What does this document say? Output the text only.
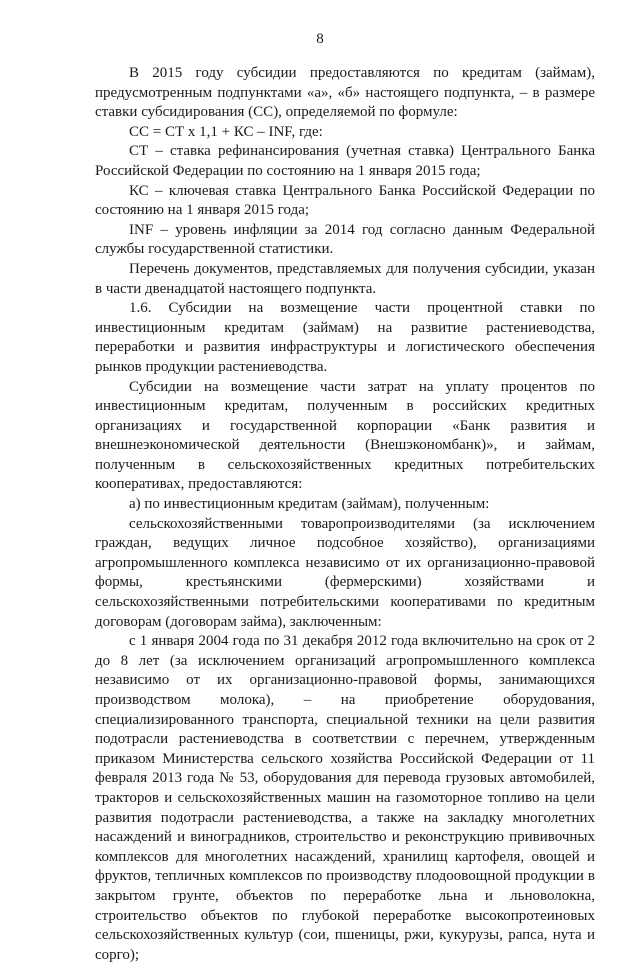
8

В 2015 году субсидии предоставляются по кредитам (займам), предусмотренным подпунктами «а», «б» настоящего подпункта, – в размере ставки субсидирования (СС), определяемой по формуле:

СС = СТ х 1,1 + КС – INF, где:

СТ – ставка рефинансирования (учетная ставка) Центрального Банка Российской Федерации по состоянию на 1 января 2015 года;

КС – ключевая ставка Центрального Банка Российской Федерации по состоянию на 1 января 2015 года;

INF – уровень инфляции за 2014 год согласно данным Федеральной службы государственной статистики.

Перечень документов, представляемых для получения субсидии, указан в части двенадцатой настоящего подпункта.

1.6. Субсидии на возмещение части процентной ставки по инвестиционным кредитам (займам) на развитие растениеводства, переработки и развития инфраструктуры и логистического обеспечения рынков продукции растениеводства.

Субсидии на возмещение части затрат на уплату процентов по инвестиционным кредитам, полученным в российских кредитных организациях и государственной корпорации «Банк развития и внешнеэкономической деятельности (Внешэкономбанк)», и займам, полученным в сельскохозяйственных кредитных потребительских кооперативах, предоставляются:

а) по инвестиционным кредитам (займам), полученным:

сельскохозяйственными товаропроизводителями (за исключением граждан, ведущих личное подсобное хозяйство), организациями агропромышленного комплекса независимо от их организационно-правовой формы, крестьянскими (фермерскими) хозяйствами и сельскохозяйственными потребительскими кооперативами по кредитным договорам (договорам займа), заключенным:

с 1 января 2004 года по 31 декабря 2012 года включительно на срок от 2 до 8 лет (за исключением организаций агропромышленного комплекса независимо от их организационно-правовой формы, занимающихся производством молока), – на приобретение оборудования, специализированного транспорта, специальной техники на цели развития подотрасли растениеводства в соответствии с перечнем, утвержденным приказом Министерства сельского хозяйства Российской Федерации от 11 февраля 2013 года № 53, оборудования для перевода грузовых автомобилей, тракторов и сельскохозяйственных машин на газомоторное топливо на цели развития подотрасли растениеводства, а также на закладку многолетних насаждений и виноградников, строительство и реконструкцию прививочных комплексов для многолетних насаждений, хранилищ картофеля, овощей и фруктов, тепличных комплексов по производству плодоовощной продукции в закрытом грунте, объектов по переработке льна и льноволокна, строительство объектов по глубокой переработке высокопротеиновых сельскохозяйственных культур (сои, пшеницы, ржи, кукурузы, рапса, нута и сорго);
